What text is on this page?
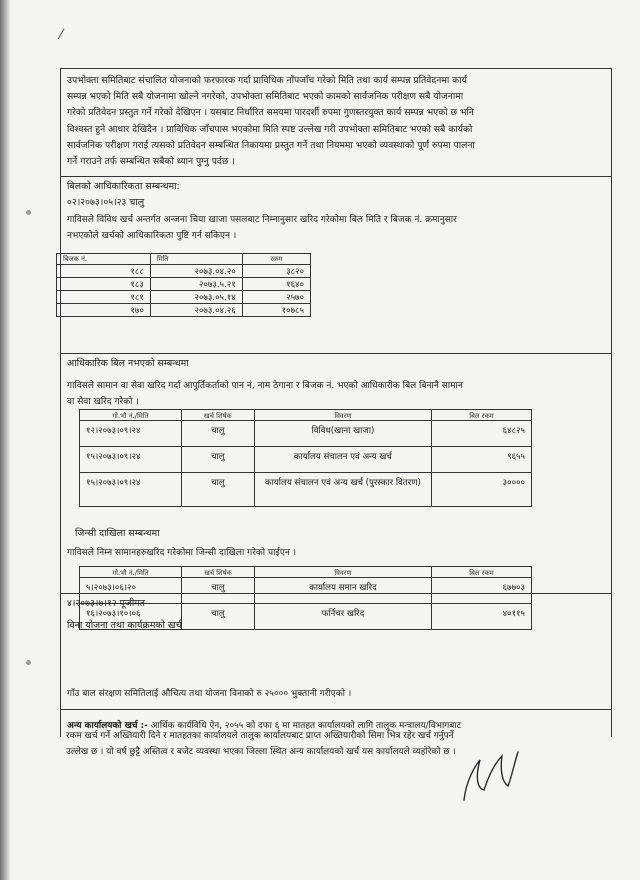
उपभोक्ता समितिबाट संचालित योजनाको फरफारक गर्दा प्राविधिक नाँपजाँच गरेको मिति तथा कार्य सम्पन्न प्रतिवेदनमा कार्य

सम्पन्न भएको मिति सबै योजनामा खोल्ने नगरेको, उपभोक्ता समितिबाट भएको कामको सार्वजनिक परीक्षण सबै योजनामा

गरेको प्रतिवेदन प्रस्तुत गर्ने गरेको देखिएन । यसबाट निर्धारित समयमा पारदर्शी रुपमा गुणस्तरयुक्त कार्य सम्पन्न भएको छ भनि

विश्वस्त हुने आधार देखिदैन । प्राविधिक जाँचपास भएकोमा मिति स्पष्ट उल्लेख गरी उपभोक्ता समितिबाट भएको सबै कार्यको

सार्वजनिक परीक्षण गराई त्यसको प्रतिवेदन सम्बन्धित निकायमा प्रस्तुत गर्ने तथा नियममा भएको व्यवस्थाको पूर्ण रुपमा पालना

गर्ने गराउने तर्फ सम्बन्धित सबैको ध्यान पुग्नु पर्दछ ।

बिलको आधिकारिकता सम्बन्धमा:
०२।२०७३।०५।२३ चालु
गाविसले विविध खर्च अन्तर्गत अन्जना चिया खाजा पसलबाट निम्नानुसार खरिद गरेकोमा बिल मिति र बिजक नं. क्रमानुसार
नभएकोले खर्चको आधिकारिकता पुष्टि गर्न सकिएन ।
बिजक नं.	मिति	रकम
१८८	२०७३.०४.२०	३८२०
१८३	२०७३.५.२१	१६४०
१८१	२०७३.०५.१४	२५७०
१७०	२०७३.०४.२६	१०७८५
आधिकारिक बिल नभएको सम्बन्धमा
गाविसले सामान वा सेवा खरिद गर्दा आपुर्तिकर्ताको पान नं, नाम ठेगाना र बिजक नं. भएको आधिकारीक बिल बिनानै सामान
वा सेवा खरिद गरेको ।
गो.भौ नं./मिति	खर्च शिर्षक	विवरण	बिल रकम
१२।२०७३।०९।२४	चालु	विविध(खाना खाजा)	६४८२५
१५।२०७३।०९।२४	चालु	कार्यालय संचालन एवं अन्य खर्च	९६५५
१५।२०७३।०९।२४	चालु	कार्यालय संचालन एवं अन्य खर्च (पुरस्कार वितरण)	३००००
जिन्सी दाखिला सम्बन्धमा
गाविसले निम्न सामानहरुखरिद गरेकोमा जिन्सी दाखिला गरेको पाईएन ।
गो.भौ नं./मिति	खर्च शिर्षक	विवरण	बिल रकम
५।२०७३।०६।२०	चालु	कार्यालय समान खरिद	६७७०३
१६।२०७३।१०।०६	चालु	फर्निचर खरिद	४०११५
४।२०७३।७।१२ पूजीगत
विना योजना तथा कार्यक्रमको खर्च
गाँउ बाल संरक्षण समितिलाई औचित्य तथा योजना विनाको रु २५००० भुक्तानी गरीएको ।
अन्य कार्यालयको खर्च :- आर्थिक कार्यविधि ऐन, २०५५ को दफा ६ मा मातहत कार्यालयको लागि तालुक मन्त्रालय/विभागबाट
रकम खर्च गर्ने अख्तियारी दिने र मातहतका कार्यालयले तालुक कार्यालयबाट प्राप्त अख्तियारीको सिमा भित्र रहेर खर्च गर्नुपर्ने
उल्लेख छ । यो वर्ष छुट्टै अस्तित्व र बजेट व्यवस्था भएका जिल्ला स्थित अन्य कार्यालयको खर्च यस कार्यालयले व्यहोरेको छ ।
